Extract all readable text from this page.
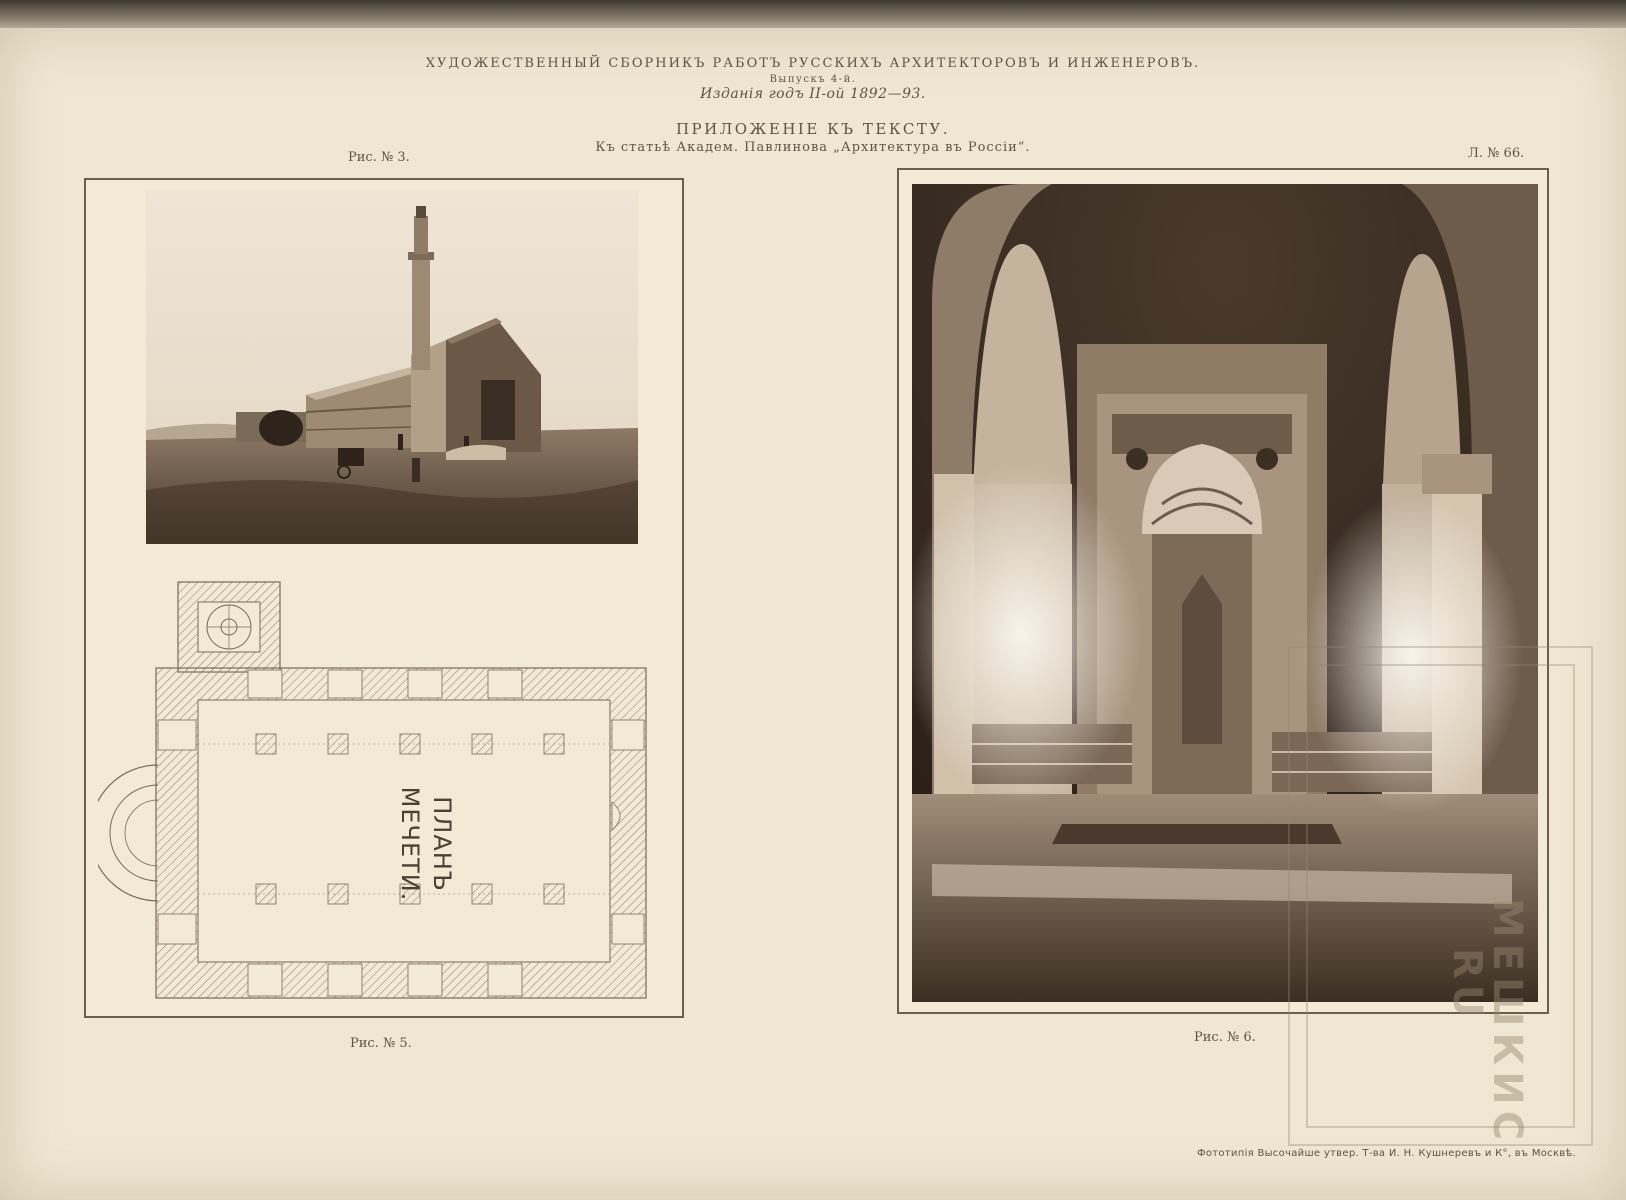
ХУДОЖЕСТВЕННЫЙ СБОРНИКЪ РАБОТЪ РУССКИХЪ АРХИТЕКТОРОВЪ И ИНЖЕНЕРОВЪ.
Выпускъ 4-й.
Изданія годъ II-ой 1892—93.
ПРИЛОЖЕНІЕ КЪ ТЕКСТУ.
Къ статьѣ Академ. Павлинова „Архитектура въ Россіи“.
Рис. № 3.	Л. № 66.
ПЛАНЪ
МЕЧЕТИ.
Рис. № 5.	Рис. № 6.	МЕШКИС
RU
Фототипія Высочайше утвер. Т-ва И. Н. Кушнеревъ и К°, въ Москвѣ.
